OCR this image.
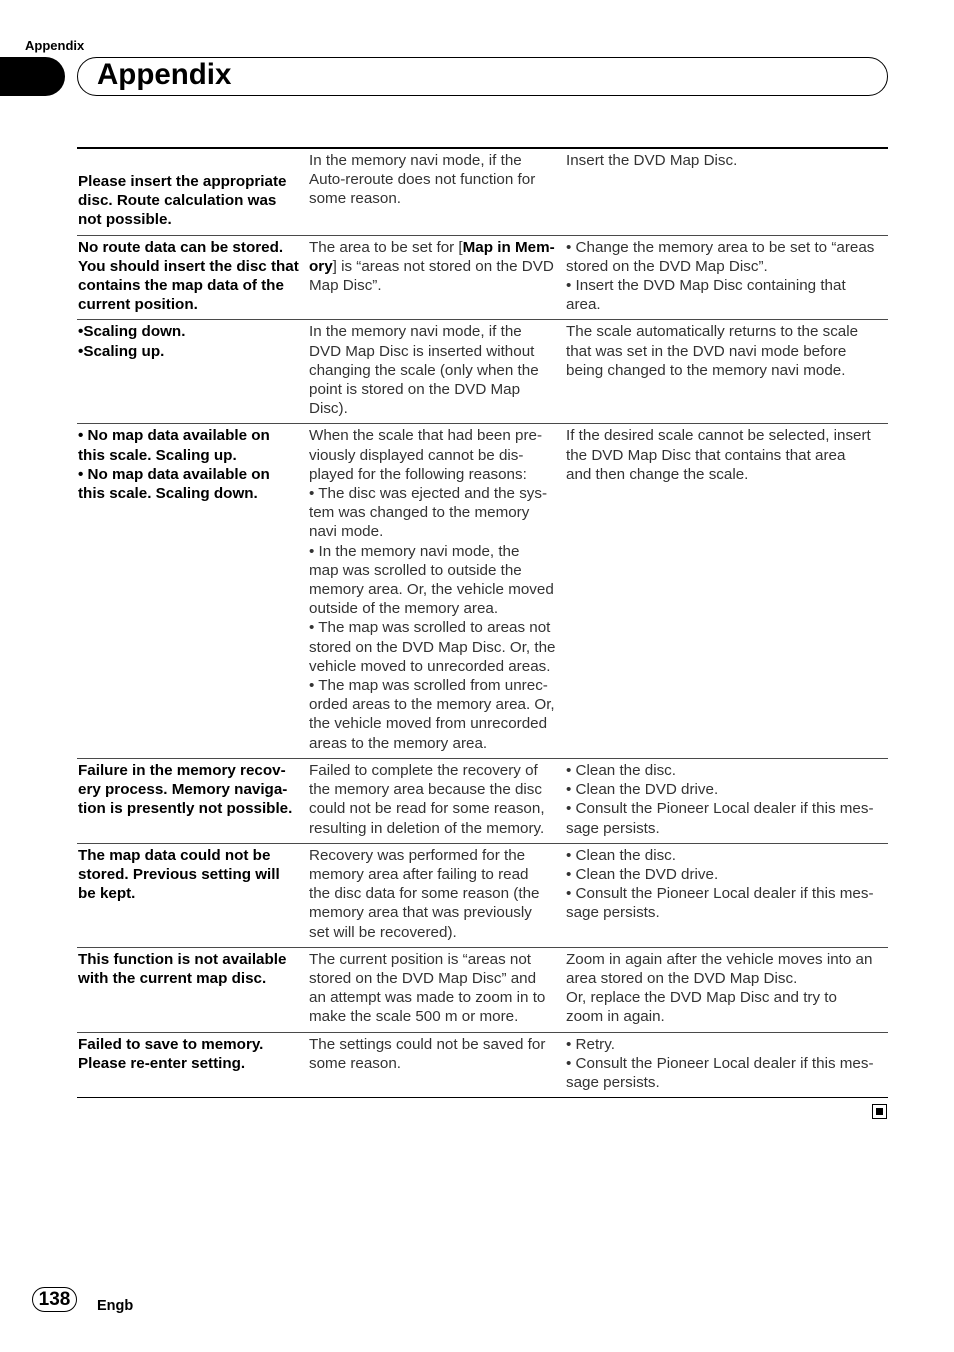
Appendix
Appendix
Please insert the appropriate
disc. Route calculation was
not possible.
In the memory navi mode, if the
Auto-reroute does not function for
some reason.
Insert the DVD Map Disc.
No route data can be stored.
You should insert the disc that
contains the map data of the
current position.
The area to be set for [Map in Mem-
ory] is “areas not stored on the DVD
Map Disc”.
• Change the memory area to be set to “areas
stored on the DVD Map Disc”.
• Insert the DVD Map Disc containing that
area.
•Scaling down.
•Scaling up.
In the memory navi mode, if the
DVD Map Disc is inserted without
changing the scale (only when the
point is stored on the DVD Map
Disc).
The scale automatically returns to the scale
that was set in the DVD navi mode before
being changed to the memory navi mode.
• No map data available on
this scale. Scaling up.
• No map data available on
this scale. Scaling down.
When the scale that had been pre-
viously displayed cannot be dis-
played for the following reasons:
• The disc was ejected and the sys-
tem was changed to the memory
navi mode.
• In the memory navi mode, the
map was scrolled to outside the
memory area. Or, the vehicle moved
outside of the memory area.
• The map was scrolled to areas not
stored on the DVD Map Disc. Or, the
vehicle moved to unrecorded areas.
• The map was scrolled from unrec-
orded areas to the memory area. Or,
the vehicle moved from unrecorded
areas to the memory area.
If the desired scale cannot be selected, insert
the DVD Map Disc that contains that area
and then change the scale.
Failure in the memory recov-
ery process. Memory naviga-
tion is presently not possible.
Failed to complete the recovery of
the memory area because the disc
could not be read for some reason,
resulting in deletion of the memory.
• Clean the disc.
• Clean the DVD drive.
• Consult the Pioneer Local dealer if this mes-
sage persists.
The map data could not be
stored. Previous setting will
be kept.
Recovery was performed for the
memory area after failing to read
the disc data for some reason (the
memory area that was previously
set will be recovered).
• Clean the disc.
• Clean the DVD drive.
• Consult the Pioneer Local dealer if this mes-
sage persists.
This function is not available
with the current map disc.
The current position is “areas not
stored on the DVD Map Disc” and
an attempt was made to zoom in to
make the scale 500 m or more.
Zoom in again after the vehicle moves into an
area stored on the DVD Map Disc.
Or, replace the DVD Map Disc and try to
zoom in again.
Failed to save to memory.
Please re-enter setting.
The settings could not be saved for
some reason.
• Retry.
• Consult the Pioneer Local dealer if this mes-
sage persists.
138 Engb
